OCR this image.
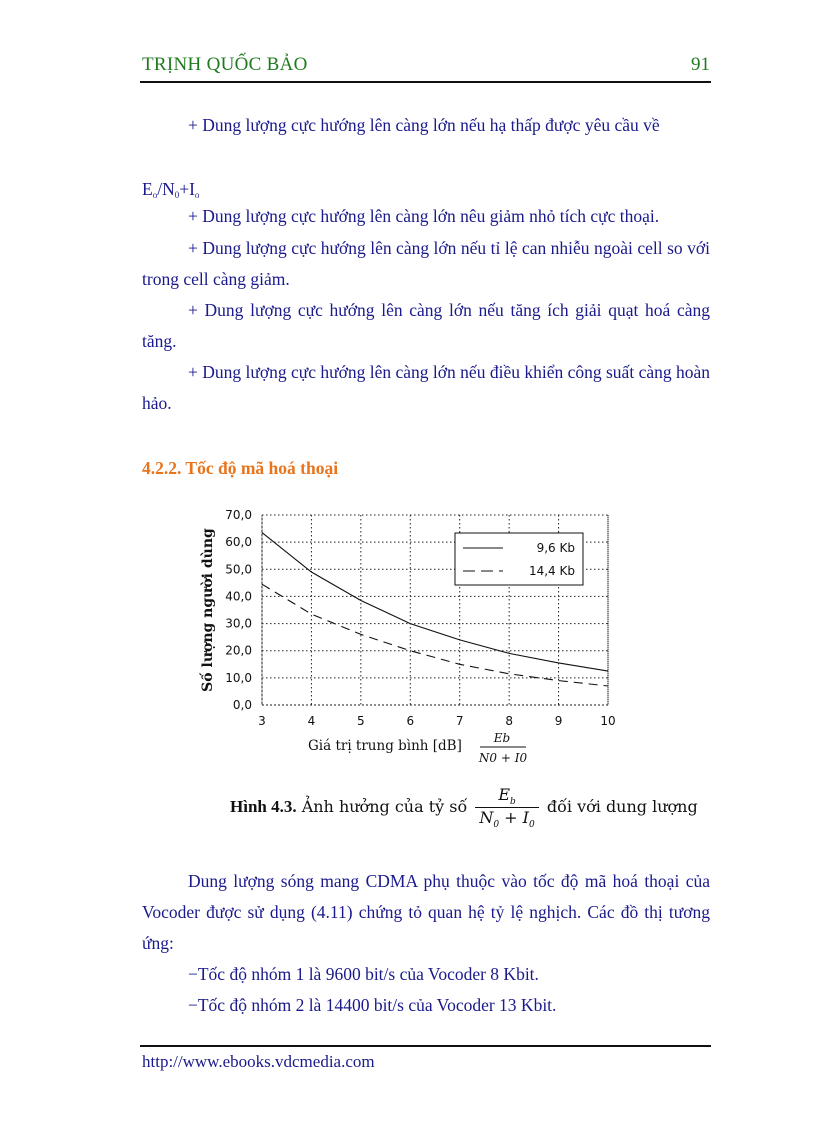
TRỊNH QUỐC BẢO	91
+ Dung lượng cực hướng lên càng lớn nếu hạ thấp được yêu cầu về
$E_o/N_0+I_o$
+ Dung lượng cực hướng lên càng lớn nêu giảm nhỏ tích cực thoại.
+ Dung lượng cực hướng lên càng lớn nếu tỉ lệ can nhiễu ngoài cell so với
trong cell càng giảm.
+ Dung lượng cực hướng lên càng lớn nếu tăng ích giải quạt hoá càng
tăng.
+ Dung lượng cực hướng lên càng lớn nếu điều khiển công suất càng hoàn
hảo.
4.2.2. Tốc độ mã hoá thoại
3	4	5	6	7	8	9	10
0,0
10,0
20,0
30,0
40,0
50,0
60,0
70,0
9,6 Kb
14,4 Kb
Số lượng người dùng
Giá trị trung bình [dB]	Eb
N0 + I0
Hình 4.3. Ảnh hưởng của tỷ số $\frac{E_b}{N_0 + I_0}$ đối với dung lượng
Dung lượng sóng mang CDMA phụ thuộc vào tốc độ mã hoá thoại của
Vocoder được sử dụng (4.11) chứng tỏ quan hệ tỷ lệ nghịch. Các đồ thị tương
ứng:
−Tốc độ nhóm 1 là 9600 bit/s của Vocoder 8 Kbit.
−Tốc độ nhóm 2 là 14400 bit/s của Vocoder 13 Kbit.
http://www.ebooks.vdcmedia.com
